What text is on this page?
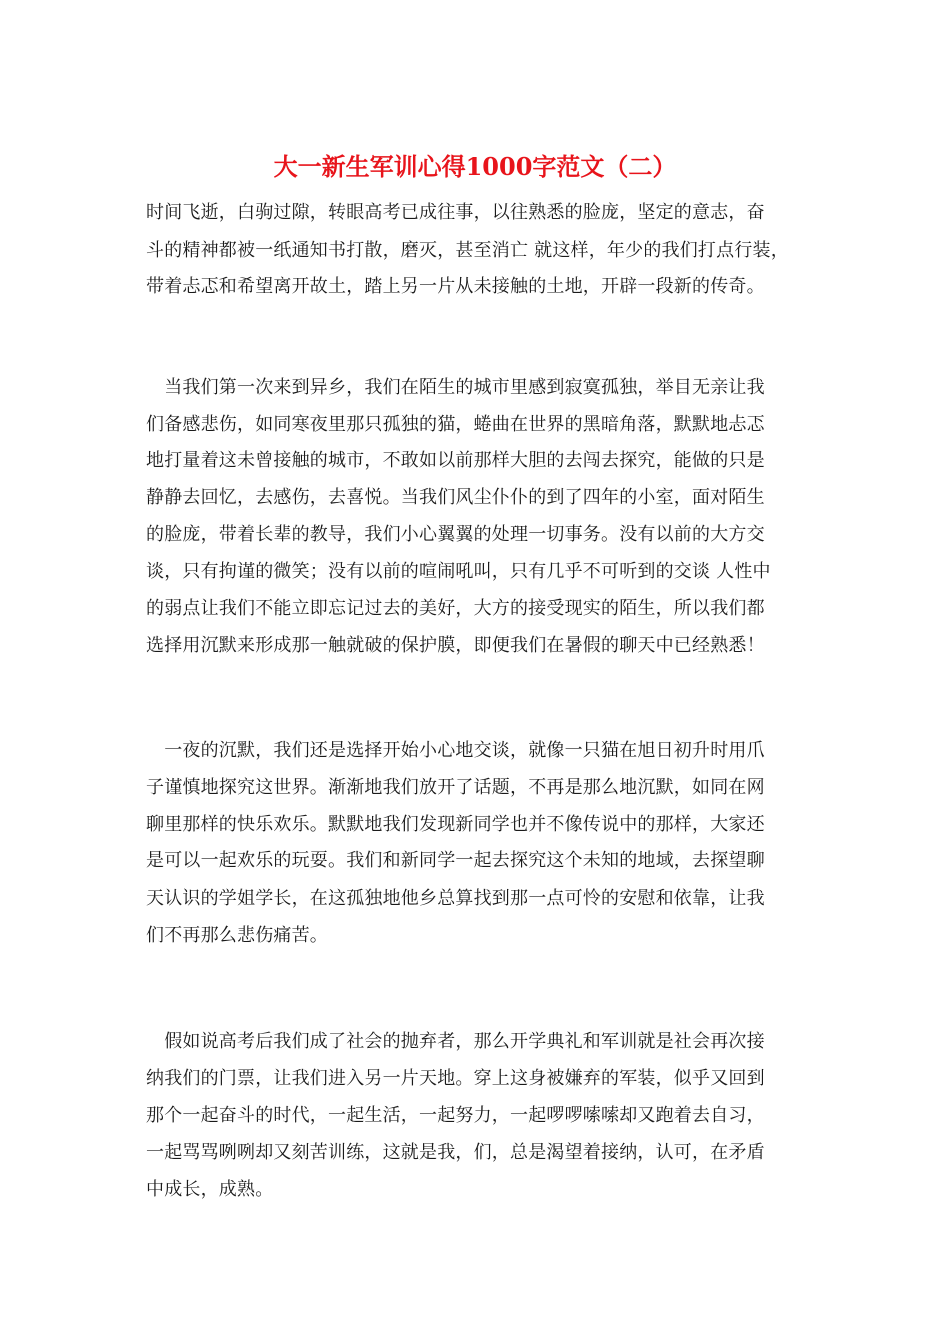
大一新生军训心得1000字范文（二）
时间飞逝，白驹过隙，转眼高考已成往事，以往熟悉的脸庞，坚定的意志，奋
斗的精神都被一纸通知书打散，磨灭，甚至消亡 就这样，年少的我们打点行装，
带着忐忑和希望离开故土，踏上另一片从未接触的土地，开辟一段新的传奇。
　当我们第一次来到异乡，我们在陌生的城市里感到寂寞孤独，举目无亲让我
们备感悲伤，如同寒夜里那只孤独的猫，蜷曲在世界的黑暗角落，默默地忐忑
地打量着这未曾接触的城市，不敢如以前那样大胆的去闯去探究，能做的只是
静静去回忆，去感伤，去喜悦。当我们风尘仆仆的到了四年的小室，面对陌生
的脸庞，带着长辈的教导，我们小心翼翼的处理一切事务。没有以前的大方交
谈，只有拘谨的微笑；没有以前的喧闹吼叫，只有几乎不可听到的交谈 人性中
的弱点让我们不能立即忘记过去的美好，大方的接受现实的陌生，所以我们都
选择用沉默来形成那一触就破的保护膜，即便我们在暑假的聊天中已经熟悉！
　一夜的沉默，我们还是选择开始小心地交谈，就像一只猫在旭日初升时用爪
子谨慎地探究这世界。渐渐地我们放开了话题，不再是那么地沉默，如同在网
聊里那样的快乐欢乐。默默地我们发现新同学也并不像传说中的那样，大家还
是可以一起欢乐的玩耍。我们和新同学一起去探究这个未知的地域，去探望聊
天认识的学姐学长，在这孤独地他乡总算找到那一点可怜的安慰和依靠，让我
们不再那么悲伤痛苦。
　假如说高考后我们成了社会的抛弃者，那么开学典礼和军训就是社会再次接
纳我们的门票，让我们进入另一片天地。穿上这身被嫌弃的军装，似乎又回到
那个一起奋斗的时代，一起生活，一起努力，一起啰啰嗦嗦却又跑着去自习，
一起骂骂咧咧却又刻苦训练，这就是我，们，总是渴望着接纳，认可，在矛盾
中成长，成熟。
